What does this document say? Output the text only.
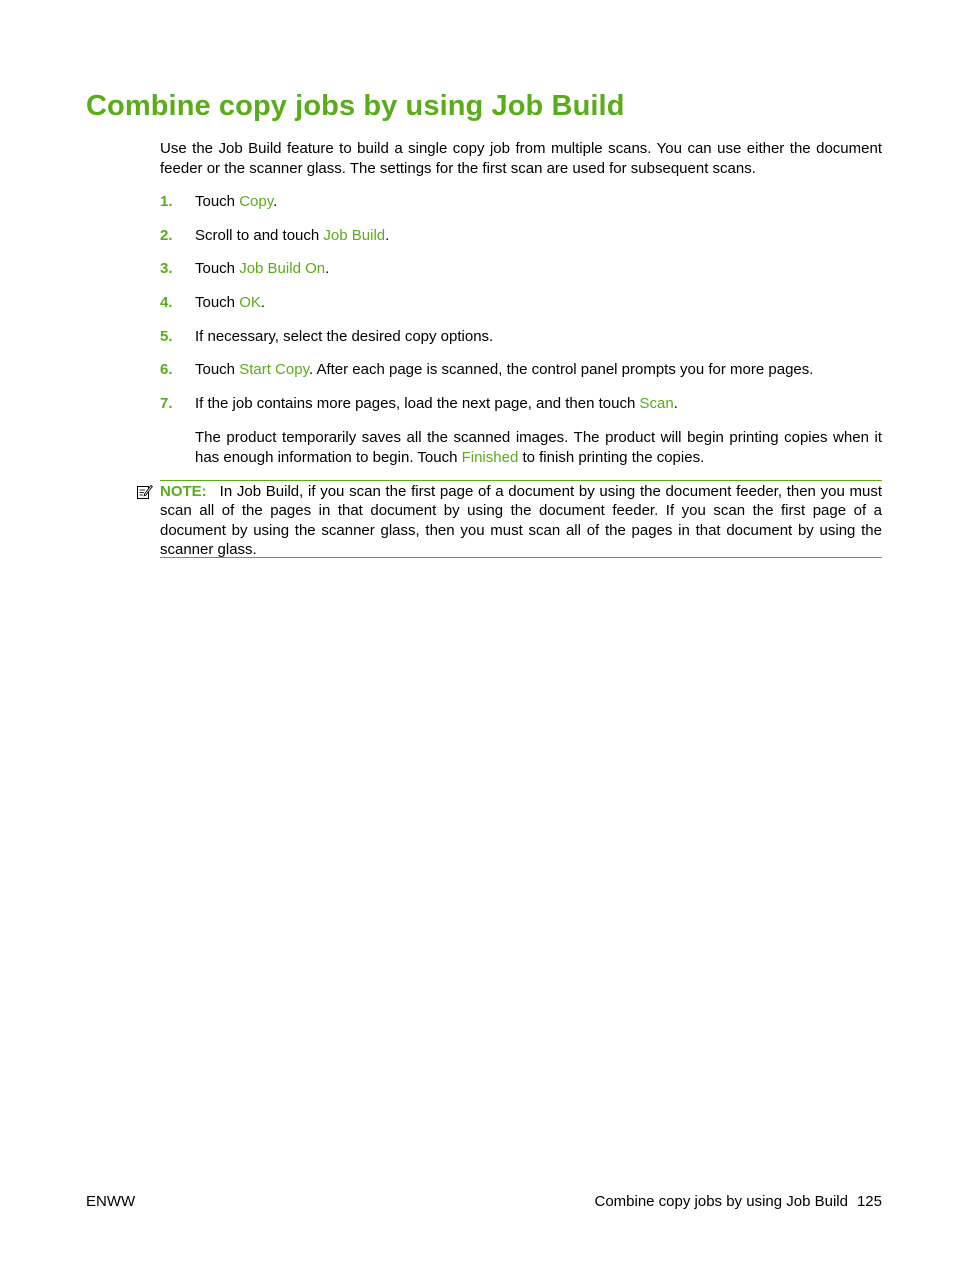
Combine copy jobs by using Job Build

Use the Job Build feature to build a single copy job from multiple scans. You can use either the document feeder or the scanner glass. The settings for the first scan are used for subsequent scans.

1. Touch Copy.
2. Scroll to and touch Job Build.
3. Touch Job Build On.
4. Touch OK.
5. If necessary, select the desired copy options.
6. Touch Start Copy. After each page is scanned, the control panel prompts you for more pages.
7. If the job contains more pages, load the next page, and then touch Scan.

The product temporarily saves all the scanned images. The product will begin printing copies when it has enough information to begin. Touch Finished to finish printing the copies.

NOTE: In Job Build, if you scan the first page of a document by using the document feeder, then you must scan all of the pages in that document by using the document feeder. If you scan the first page of a document by using the scanner glass, then you must scan all of the pages in that document by using the scanner glass.

ENWW	Combine copy jobs by using Job Build 125
